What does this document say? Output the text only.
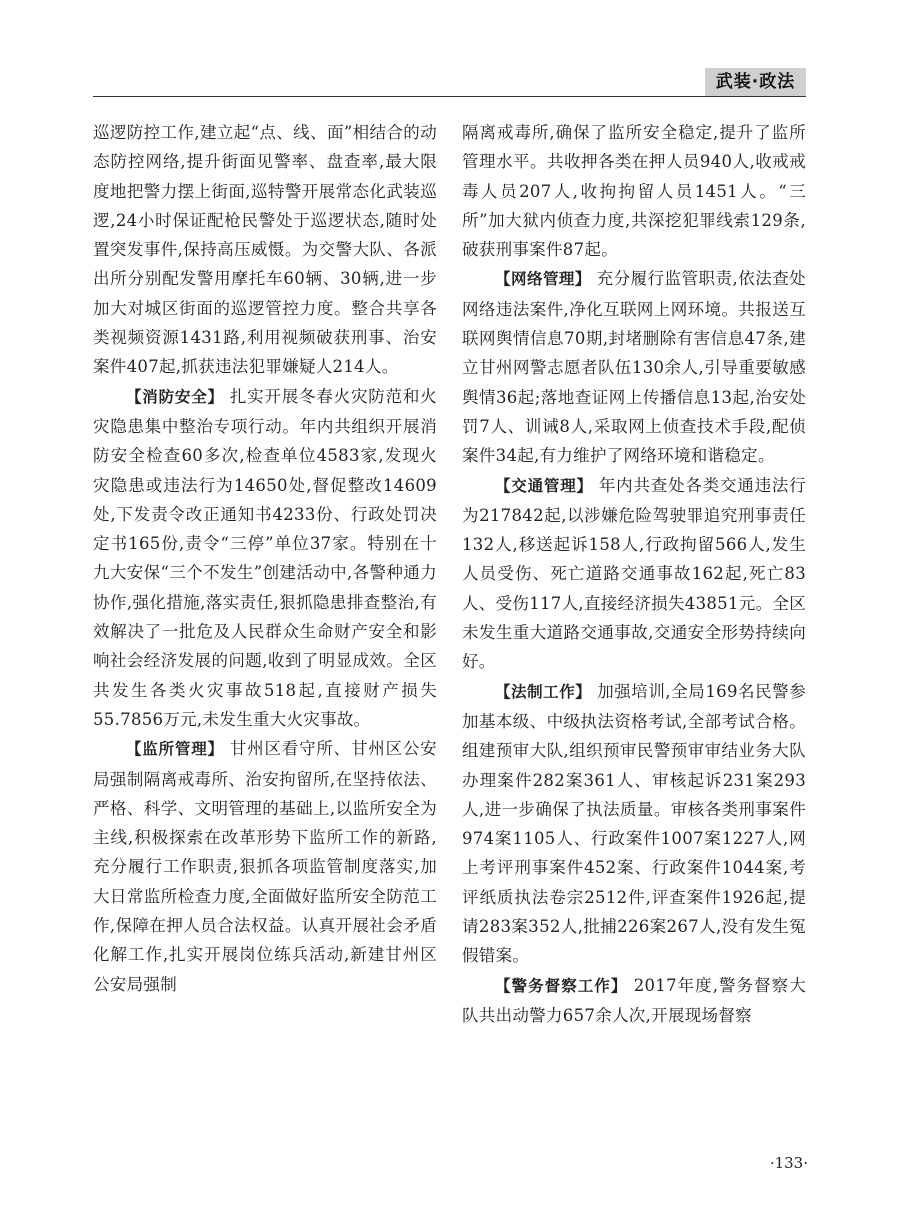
武装·政法

巡逻防控工作,建立起“点、线、面”相结合的动态防控网络,提升街面见警率、盘查率,最大限度地把警力摆上街面,巡特警开展常态化武装巡逻,24小时保证配枪民警处于巡逻状态,随时处置突发事件,保持高压威慑。为交警大队、各派出所分别配发警用摩托车60辆、30辆,进一步加大对城区街面的巡逻管控力度。整合共享各类视频资源1431路,利用视频破获刑事、治安案件407起,抓获违法犯罪嫌疑人214人。

【消防安全】 扎实开展冬春火灾防范和火灾隐患集中整治专项行动。年内共组织开展消防安全检查60多次,检查单位4583家,发现火灾隐患或违法行为14650处,督促整改14609处,下发责令改正通知书4233份、行政处罚决定书165份,责令“三停”单位37家。特别在十九大安保“三个不发生”创建活动中,各警种通力协作,强化措施,落实责任,狠抓隐患排查整治,有效解决了一批危及人民群众生命财产安全和影响社会经济发展的问题,收到了明显成效。全区共发生各类火灾事故518起,直接财产损失55.7856万元,未发生重大火灾事故。

【监所管理】 甘州区看守所、甘州区公安局强制隔离戒毒所、治安拘留所,在坚持依法、严格、科学、文明管理的基础上,以监所安全为主线,积极探索在改革形势下监所工作的新路,充分履行工作职责,狠抓各项监管制度落实,加大日常监所检查力度,全面做好监所安全防范工作,保障在押人员合法权益。认真开展社会矛盾化解工作,扎实开展岗位练兵活动,新建甘州区公安局强制

隔离戒毒所,确保了监所安全稳定,提升了监所管理水平。共收押各类在押人员940人,收戒戒毒人员207人,收拘拘留人员1451人。“三所”加大狱内侦查力度,共深挖犯罪线索129条,破获刑事案件87起。

【网络管理】 充分履行监管职责,依法查处网络违法案件,净化互联网上网环境。共报送互联网舆情信息70期,封堵删除有害信息47条,建立甘州网警志愿者队伍130余人,引导重要敏感舆情36起;落地查证网上传播信息13起,治安处罚7人、训诫8人,采取网上侦查技术手段,配侦案件34起,有力维护了网络环境和谐稳定。

【交通管理】 年内共查处各类交通违法行为217842起,以涉嫌危险驾驶罪追究刑事责任132人,移送起诉158人,行政拘留566人,发生人员受伤、死亡道路交通事故162起,死亡83人、受伤117人,直接经济损失43851元。全区未发生重大道路交通事故,交通安全形势持续向好。

【法制工作】 加强培训,全局169名民警参加基本级、中级执法资格考试,全部考试合格。组建预审大队,组织预审民警预审审结业务大队办理案件282案361人、审核起诉231案293人,进一步确保了执法质量。审核各类刑事案件974案1105人、行政案件1007案1227人,网上考评刑事案件452案、行政案件1044案,考评纸质执法卷宗2512件,评查案件1926起,提请283案352人,批捕226案267人,没有发生冤假错案。

【警务督察工作】 2017年度,警务督察大队共出动警力657余人次,开展现场督察

·133·
